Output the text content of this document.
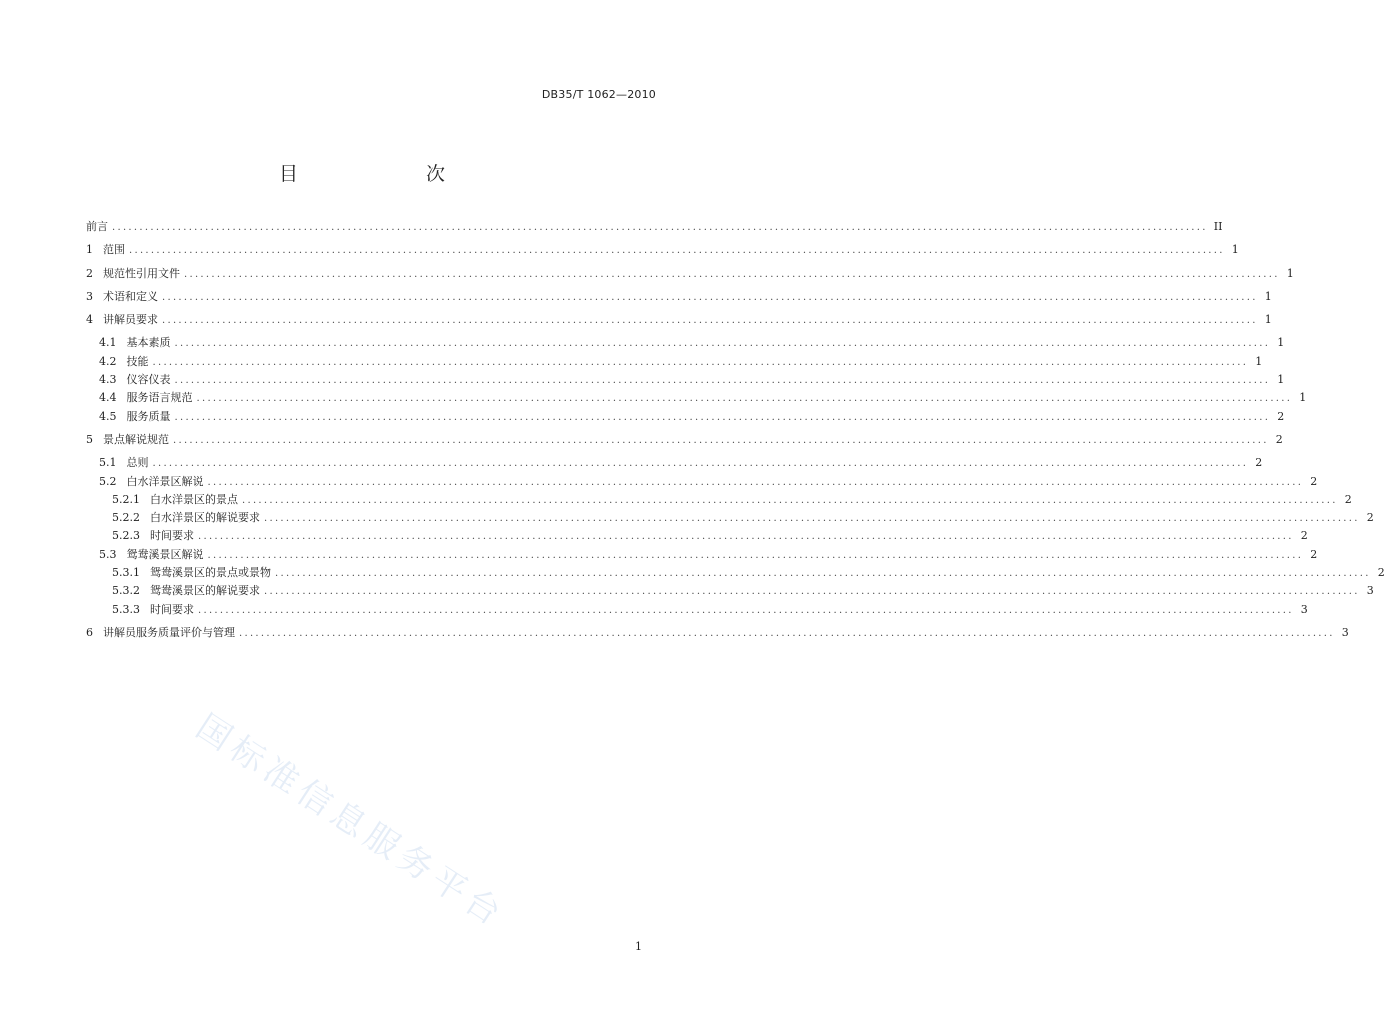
DB35/T 1062—2010
目　　次
前言 ........................................................................................................................................................................................................ II
1 范围 ........................................................................................................................................................................................................ 1
2 规范性引用文件 ........................................................................................................................................................................................................ 1
3 术语和定义 ........................................................................................................................................................................................................ 1
4 讲解员要求 ........................................................................................................................................................................................................ 1
4.1 基本素质 ........................................................................................................................................................................................................ 1
4.2 技能 ........................................................................................................................................................................................................ 1
4.3 仪容仪表 ........................................................................................................................................................................................................ 1
4.4 服务语言规范 ........................................................................................................................................................................................................ 1
4.5 服务质量 ........................................................................................................................................................................................................ 2
5 景点解说规范 ........................................................................................................................................................................................................ 2
5.1 总则 ........................................................................................................................................................................................................ 2
5.2 白水洋景区解说 ........................................................................................................................................................................................................ 2
5.2.1 白水洋景区的景点 ........................................................................................................................................................................................................ 2
5.2.2 白水洋景区的解说要求 ........................................................................................................................................................................................................ 2
5.2.3 时间要求 ........................................................................................................................................................................................................ 2
5.3 鸳鸯溪景区解说 ........................................................................................................................................................................................................ 2
5.3.1 鸳鸯溪景区的景点或景物 ........................................................................................................................................................................................................ 2
5.3.2 鸳鸯溪景区的解说要求 ........................................................................................................................................................................................................ 3
5.3.3 时间要求 ........................................................................................................................................................................................................ 3
6 讲解员服务质量评价与管理 ........................................................................................................................................................................................................ 3
国标准信息服务平台
1
